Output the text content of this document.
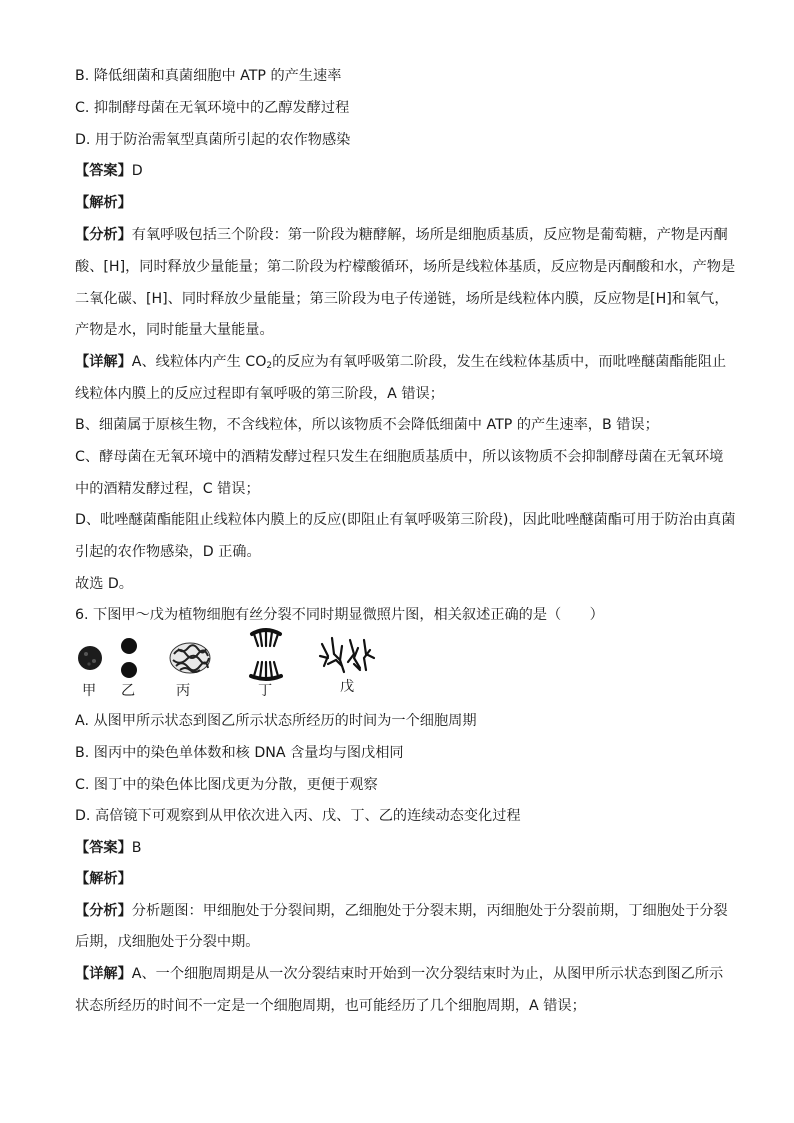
B. 降低细菌和真菌细胞中 ATP 的产生速率
C. 抑制酵母菌在无氧环境中的乙醇发酵过程
D. 用于防治需氧型真菌所引起的农作物感染
【答案】D
【解析】
【分析】有氧呼吸包括三个阶段：第一阶段为糖酵解，场所是细胞质基质，反应物是葡萄糖，产物是丙酮
酸、[H]，同时释放少量能量；第二阶段为柠檬酸循环，场所是线粒体基质，反应物是丙酮酸和水，产物是
二氧化碳、[H]、同时释放少量能量；第三阶段为电子传递链，场所是线粒体内膜，反应物是[H]和氧气，
产物是水，同时能量大量能量。
【详解】A、线粒体内产生 $CO_2$的反应为有氧呼吸第二阶段，发生在线粒体基质中，而吡唑醚菌酯能阻止
线粒体内膜上的反应过程即有氧呼吸的第三阶段，A 错误；
B、细菌属于原核生物，不含线粒体，所以该物质不会降低细菌中 ATP 的产生速率，B 错误；
C、酵母菌在无氧环境中的酒精发酵过程只发生在细胞质基质中，所以该物质不会抑制酵母菌在无氧环境
中的酒精发酵过程，C 错误；
D、吡唑醚菌酯能阻止线粒体内膜上的反应(即阻止有氧呼吸第三阶段)，因此吡唑醚菌酯可用于防治由真菌
引起的农作物感染，D 正确。
故选 D。
6. 下图甲～戊为植物细胞有丝分裂不同时期显微照片图，相关叙述正确的是（　　）
甲 乙	丙	丁	戊
A. 从图甲所示状态到图乙所示状态所经历的时间为一个细胞周期
B. 图丙中的染色单体数和核 DNA 含量均与图戊相同
C. 图丁中的染色体比图戊更为分散，更便于观察
D. 高倍镜下可观察到从甲依次进入丙、戊、丁、乙的连续动态变化过程
【答案】B
【解析】
【分析】分析题图：甲细胞处于分裂间期，乙细胞处于分裂末期，丙细胞处于分裂前期，丁细胞处于分裂
后期，戊细胞处于分裂中期。
【详解】A、一个细胞周期是从一次分裂结束时开始到一次分裂结束时为止，从图甲所示状态到图乙所示
状态所经历的时间不一定是一个细胞周期，也可能经历了几个细胞周期，A 错误；
